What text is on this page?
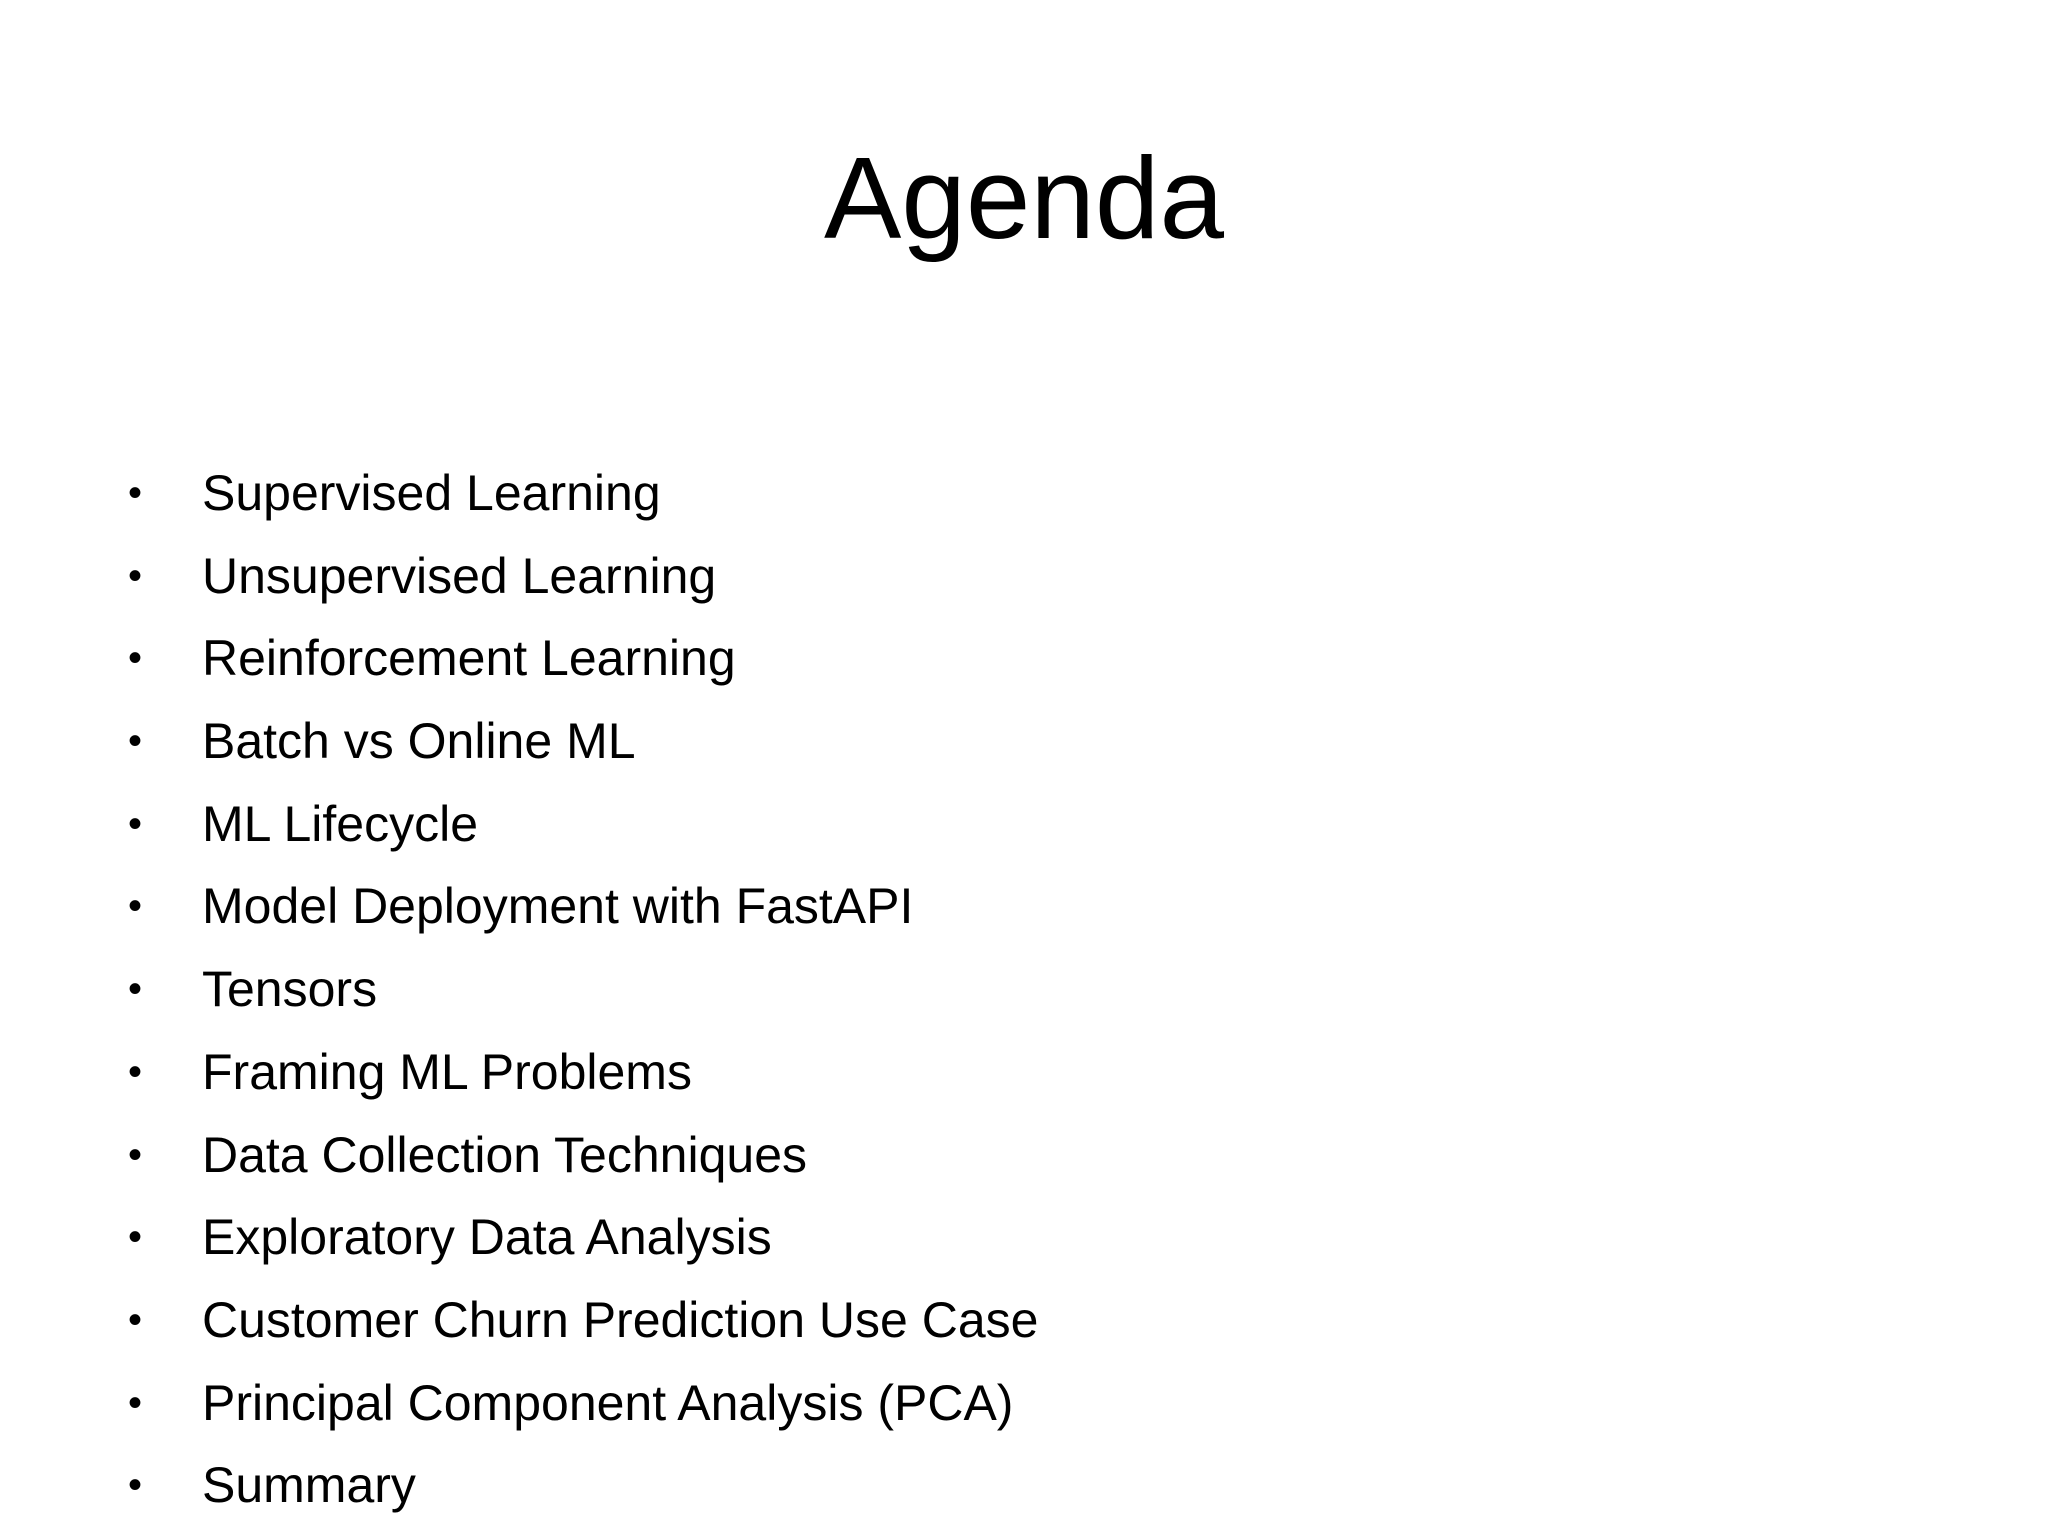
Agenda
• Supervised Learning
• Unsupervised Learning
• Reinforcement Learning
• Batch vs Online ML
• ML Lifecycle
• Model Deployment with FastAPI
• Tensors
• Framing ML Problems
• Data Collection Techniques
• Exploratory Data Analysis
• Customer Churn Prediction Use Case
• Principal Component Analysis (PCA)
• Summary
